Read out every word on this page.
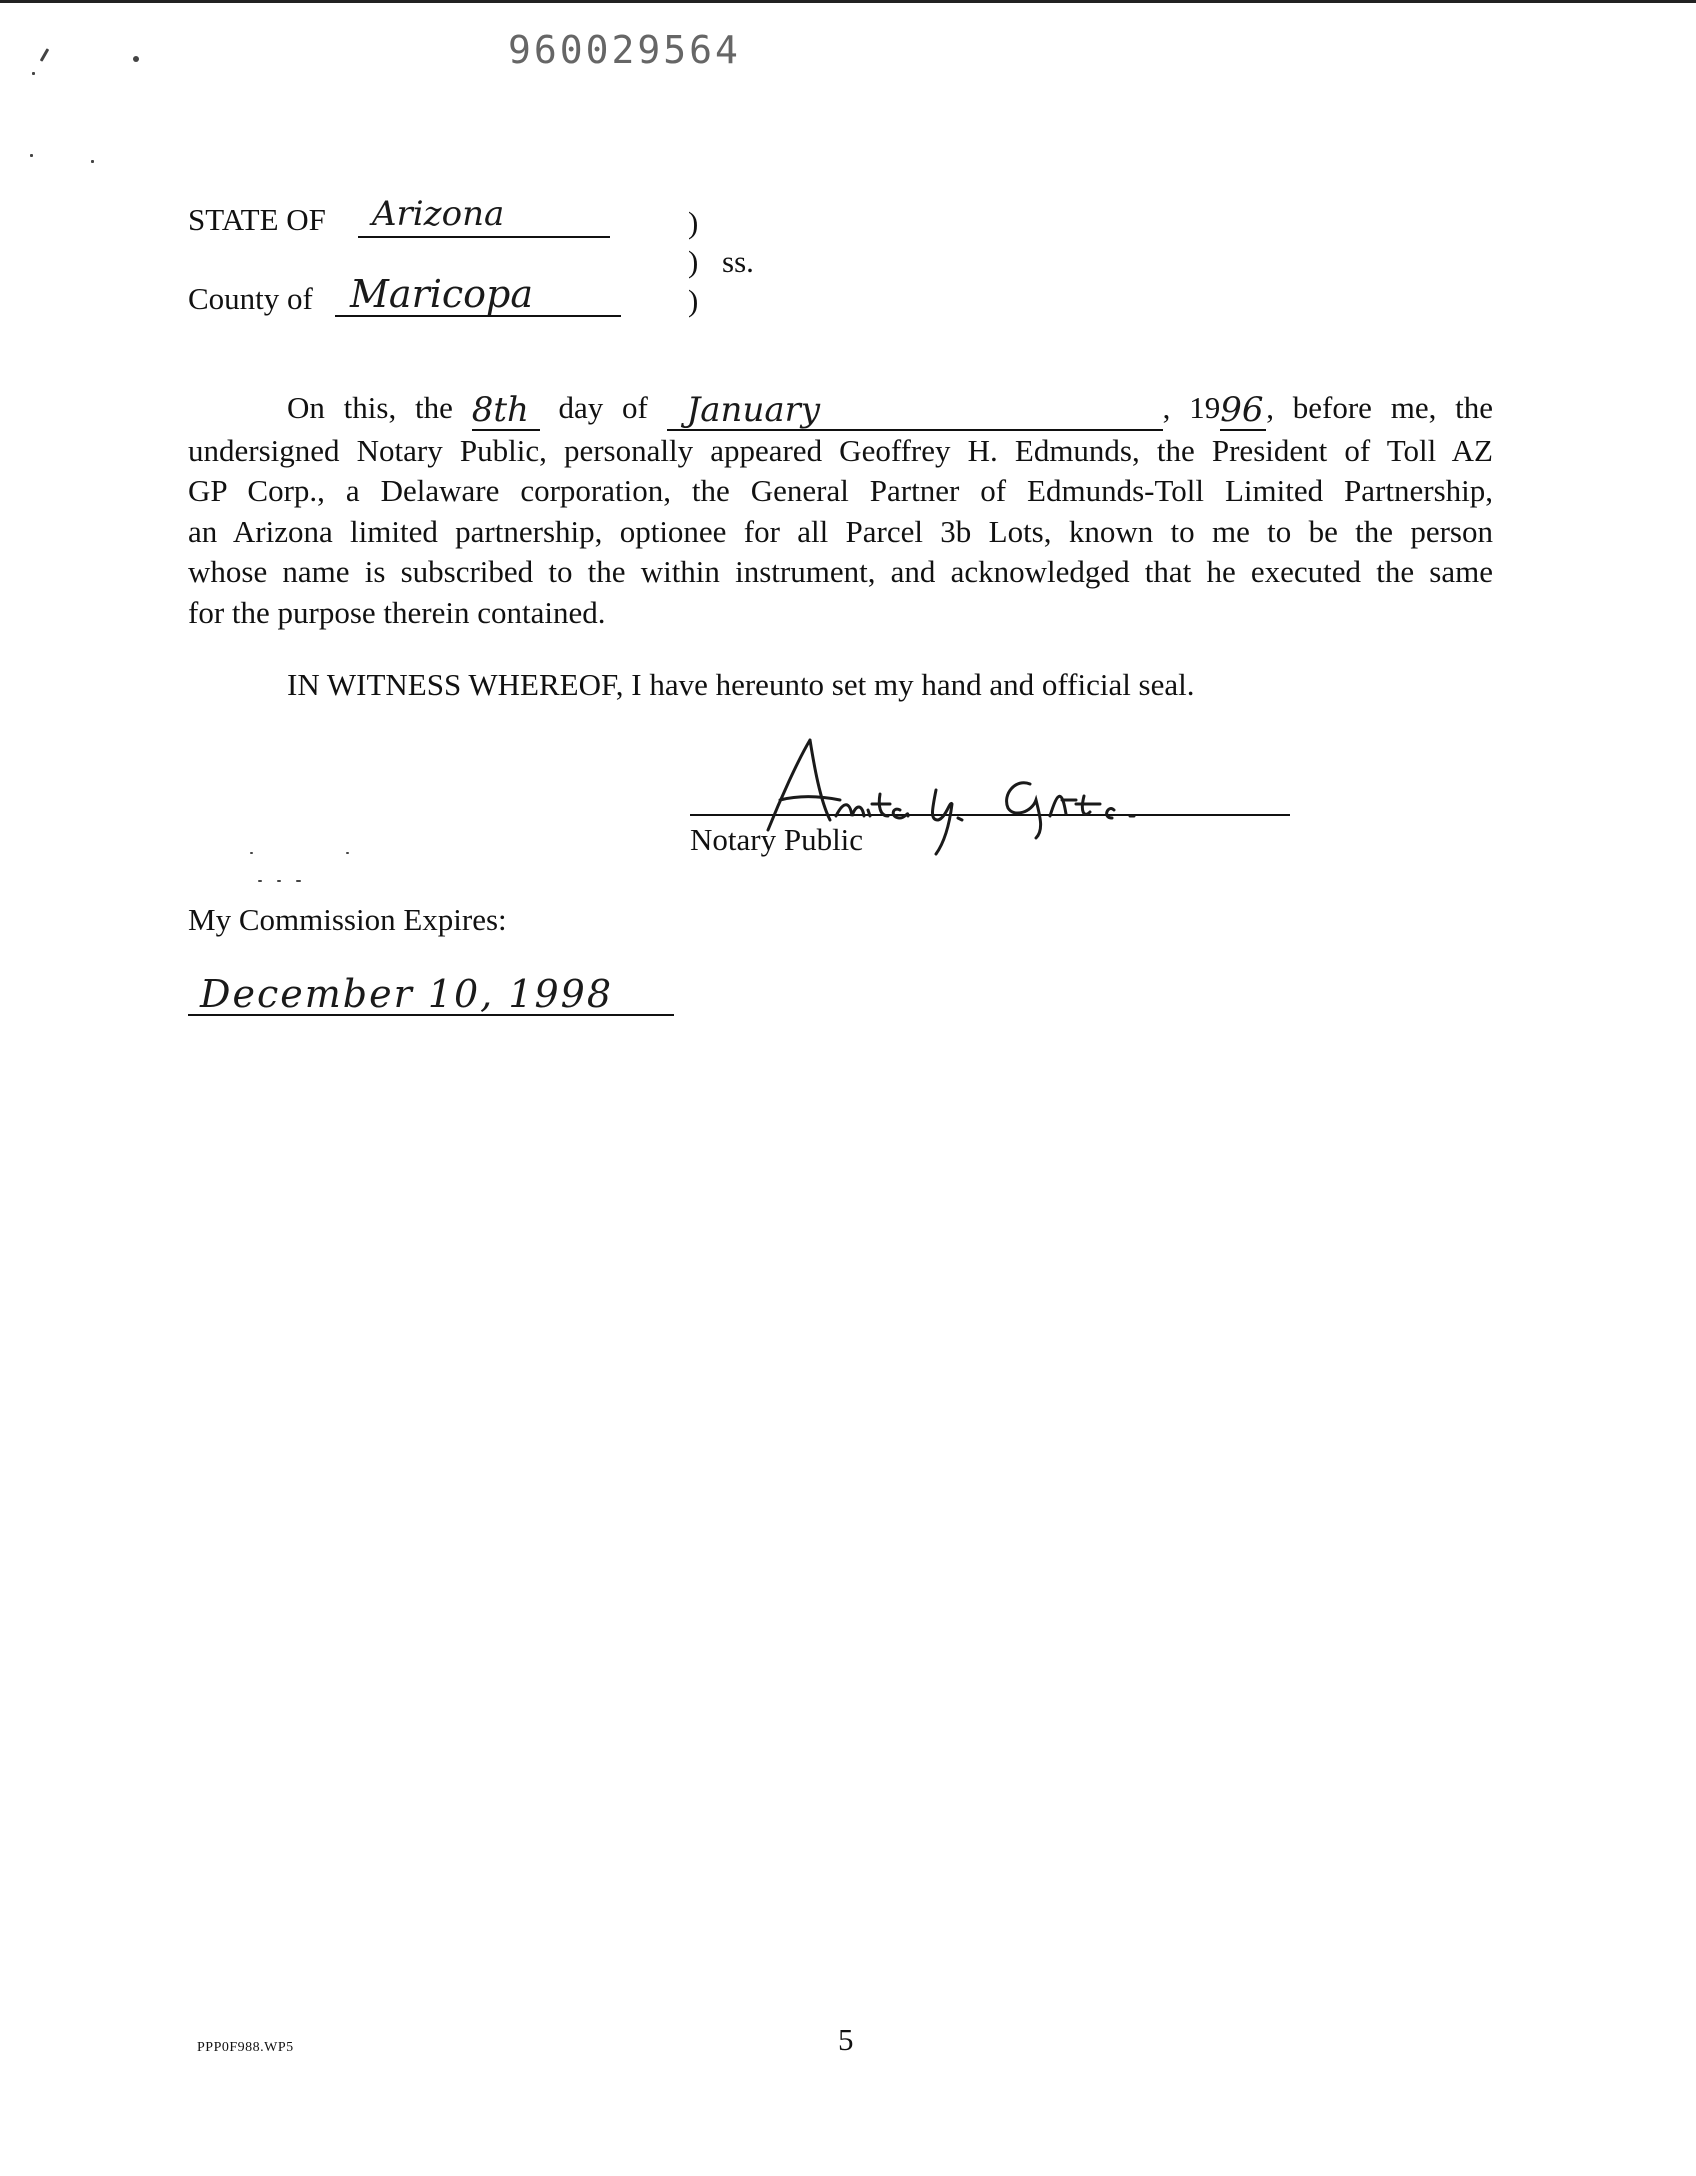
960029564
STATE OF Arizona
County of Maricopa
)
) ss.
)
On this, the 8th day of	January	, 19 96 , before me, the
undersigned Notary Public, personally appeared Geoffrey H. Edmunds, the President of Toll AZ
GP Corp., a Delaware corporation, the General Partner of Edmunds-Toll Limited Partnership,
an Arizona limited partnership, optionee for all Parcel 3b Lots, known to me to be the person
whose name is subscribed to the within instrument, and acknowledged that he executed the same
for the purpose therein contained.
IN WITNESS WHEREOF, I have hereunto set my hand and official seal.
Notary Public
My Commission Expires:
December 10, 1998
PPP0F988.WP5	5
